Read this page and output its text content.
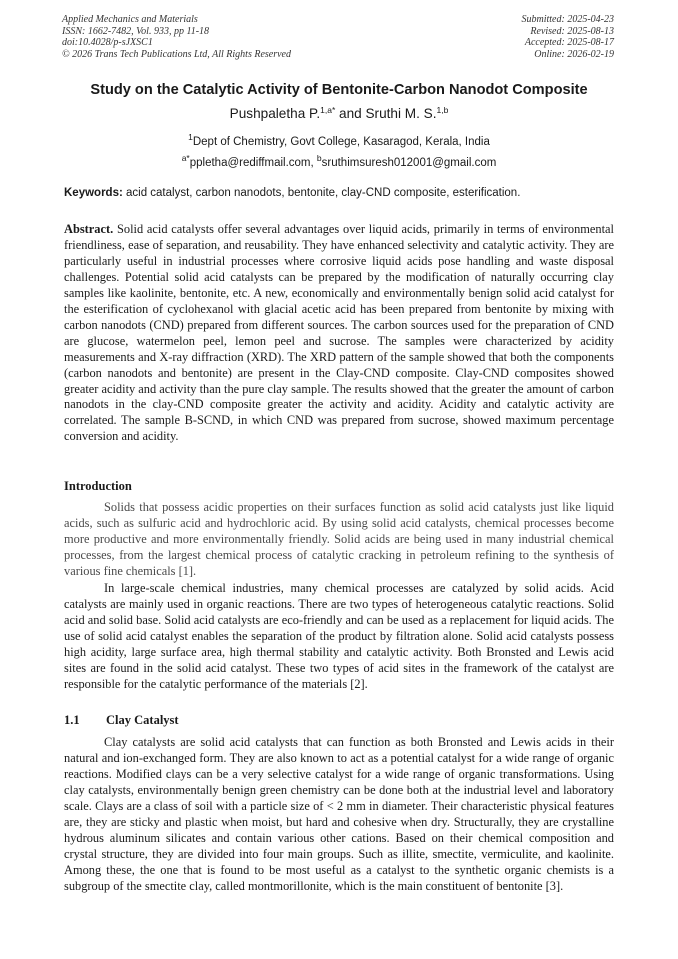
Applied Mechanics and Materials
ISSN: 1662-7482, Vol. 933, pp 11-18
doi:10.4028/p-sJXSC1
© 2026 Trans Tech Publications Ltd, All Rights Reserved
Submitted: 2025-04-23
Revised: 2025-08-13
Accepted: 2025-08-17
Online: 2026-02-19
Study on the Catalytic Activity of Bentonite-Carbon Nanodot Composite
Pushpaletha P.$^{1,a*}$ and Sruthi M. S.$^{1,b}$
$^1$Dept of Chemistry, Govt College, Kasaragod, Kerala, India
$^{a*}$ppletha@rediffmail.com, $^b$sruthimsuresh012001@gmail.com
Keywords: acid catalyst, carbon nanodots, bentonite, clay-CND composite, esterification.
Abstract. Solid acid catalysts offer several advantages over liquid acids, primarily in terms of environmental friendliness, ease of separation, and reusability. They have enhanced selectivity and catalytic activity. They are particularly useful in industrial processes where corrosive liquid acids pose handling and waste disposal challenges. Potential solid acid catalysts can be prepared by the modification of naturally occurring clay samples like kaolinite, bentonite, etc. A new, economically and environmentally benign solid acid catalyst for the esterification of cyclohexanol with glacial acetic acid has been prepared from bentonite by mixing with carbon nanodots (CND) prepared from different sources. The carbon sources used for the preparation of CND are glucose, watermelon peel, lemon peel and sucrose. The samples were characterized by acidity measurements and X-ray diffraction (XRD). The XRD pattern of the sample showed that both the components (carbon nanodots and bentonite) are present in the Clay-CND composite. Clay-CND composites showed greater acidity and activity than the pure clay sample. The results showed that the greater the amount of carbon nanodots in the clay-CND composite greater the activity and acidity. Acidity and catalytic activity are correlated. The sample B-SCND, in which CND was prepared from sucrose, showed maximum percentage conversion and acidity.
Introduction

Solids that possess acidic properties on their surfaces function as solid acid catalysts just like liquid acids, such as sulfuric acid and hydrochloric acid. By using solid acid catalysts, chemical processes become more productive and more environmentally friendly. Solid acids are being used in many industrial chemical processes, from the largest chemical process of catalytic cracking in petroleum refining to the synthesis of various fine chemicals [1].

In large-scale chemical industries, many chemical processes are catalyzed by solid acids. Acid catalysts are mainly used in organic reactions. There are two types of heterogeneous catalytic reactions. Solid acid and solid base. Solid acid catalysts are eco-friendly and can be used as a replacement for liquid acids. The use of solid acid catalyst enables the separation of the product by filtration alone. Solid acid catalysts possess high acidity, large surface area, high thermal stability and catalytic activity. Both Bronsted and Lewis acid sites are found in the solid acid catalyst. These two types of acid sites in the framework of the catalyst are responsible for the catalytic performance of the materials [2].

1.1 Clay Catalyst

Clay catalysts are solid acid catalysts that can function as both Bronsted and Lewis acids in their natural and ion-exchanged form. They are also known to act as a potential catalyst for a wide range of organic reactions. Modified clays can be a very selective catalyst for a wide range of organic transformations. Using clay catalysts, environmentally benign green chemistry can be done both at the industrial level and laboratory scale. Clays are a class of soil with a particle size of < 2 mm in diameter. Their characteristic physical features are, they are sticky and plastic when moist, but hard and cohesive when dry. Structurally, they are crystalline hydrous aluminum silicates and contain various other cations. Based on their chemical composition and crystal structure, they are divided into four main groups. Such as illite, smectite, vermiculite, and kaolinite. Among these, the one that is found to be most useful as a catalyst to the synthetic organic chemists is a subgroup of the smectite clay, called montmorillonite, which is the main constituent of bentonite [3].
